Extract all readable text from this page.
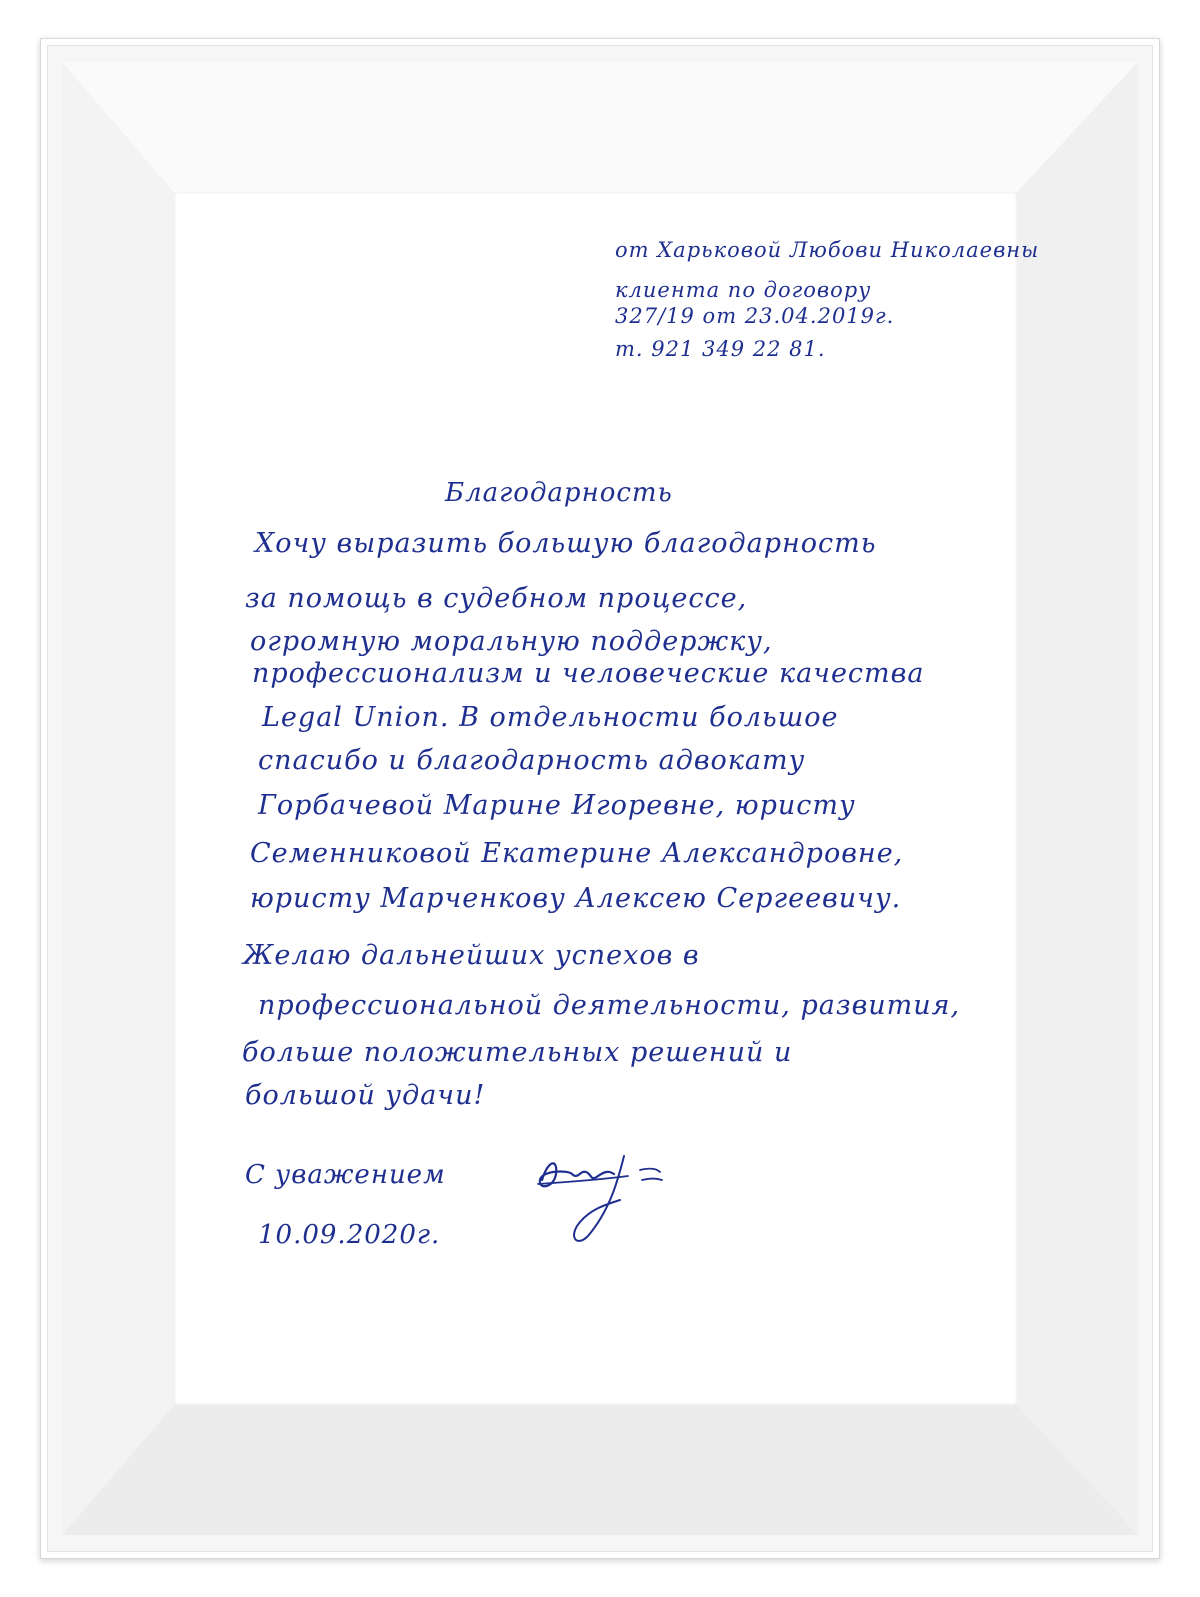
от Харьковой Любови Николаевны
клиента по договору
327/19 от 23.04.2019г.
т. 921 349 22 81.
Благодарность
Хочу выразить большую благодарность
за помощь в судебном процессе,
огромную моральную поддержку,
профессионализм и человеческие качества
Legal Union. В отдельности большое
спасибо и благодарность адвокату
Горбачевой Марине Игоревне, юристу
Семенниковой Екатерине Александровне,
юристу Марченкову Алексею Сергеевичу.
Желаю дальнейших успехов в
профессиональной деятельности, развития,
больше положительных решений и
большой удачи!
С уважением
10.09.2020г.
